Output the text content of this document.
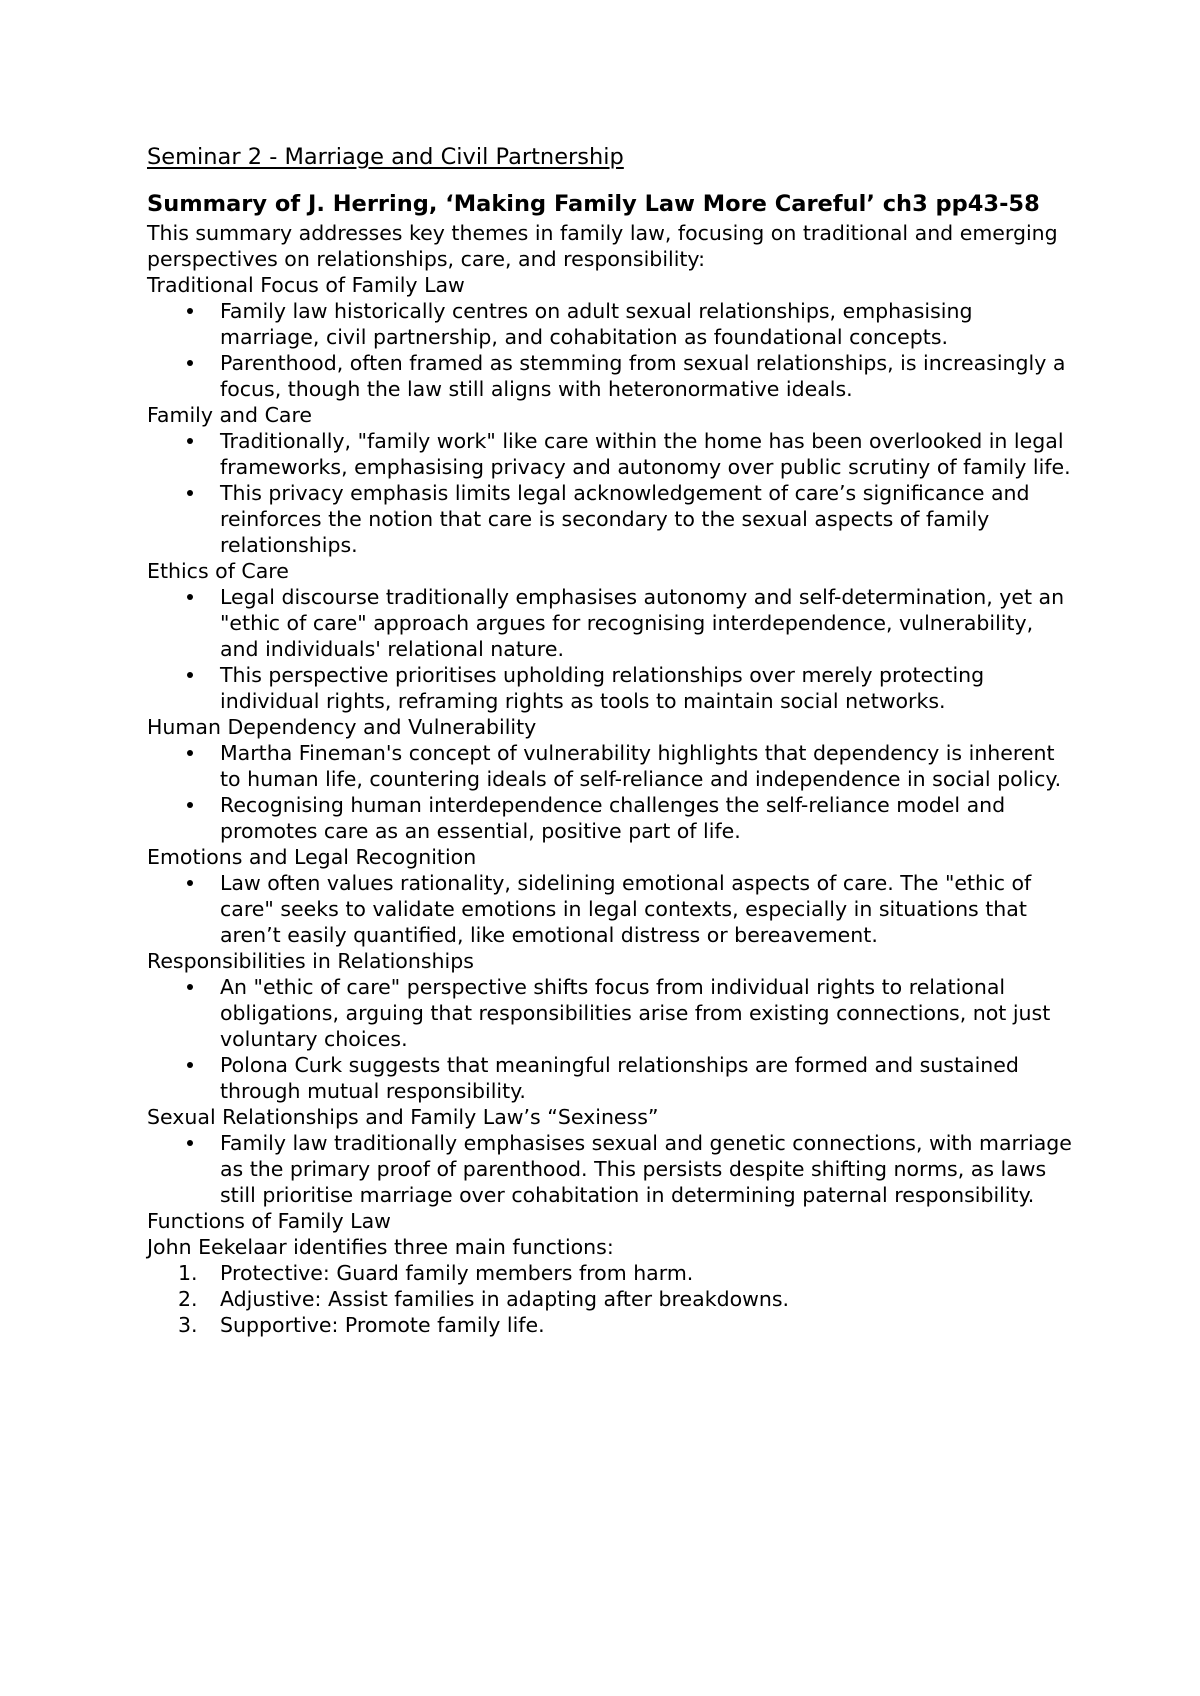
Seminar 2 - Marriage and Civil Partnership
Summary of J. Herring, ‘Making Family Law More Careful’ ch3 pp43-58

This summary addresses key themes in family law, focusing on traditional and emerging perspectives on relationships, care, and responsibility:

Traditional Focus of Family Law
Family law historically centres on adult sexual relationships, emphasising marriage, civil partnership, and cohabitation as foundational concepts.
Parenthood, often framed as stemming from sexual relationships, is increasingly a focus, though the law still aligns with heteronormative ideals.
Family and Care
Traditionally, "family work" like care within the home has been overlooked in legal frameworks, emphasising privacy and autonomy over public scrutiny of family life.
This privacy emphasis limits legal acknowledgement of care’s significance and reinforces the notion that care is secondary to the sexual aspects of family relationships.
Ethics of Care
Legal discourse traditionally emphasises autonomy and self-determination, yet an "ethic of care" approach argues for recognising interdependence, vulnerability, and individuals' relational nature.
This perspective prioritises upholding relationships over merely protecting individual rights, reframing rights as tools to maintain social networks.
Human Dependency and Vulnerability
Martha Fineman's concept of vulnerability highlights that dependency is inherent to human life, countering ideals of self-reliance and independence in social policy.
Recognising human interdependence challenges the self-reliance model and promotes care as an essential, positive part of life.
Emotions and Legal Recognition
Law often values rationality, sidelining emotional aspects of care. The "ethic of care" seeks to validate emotions in legal contexts, especially in situations that aren’t easily quantified, like emotional distress or bereavement.
Responsibilities in Relationships
An "ethic of care" perspective shifts focus from individual rights to relational obligations, arguing that responsibilities arise from existing connections, not just voluntary choices.
Polona Curk suggests that meaningful relationships are formed and sustained through mutual responsibility.
Sexual Relationships and Family Law’s “Sexiness”
Family law traditionally emphasises sexual and genetic connections, with marriage as the primary proof of parenthood. This persists despite shifting norms, as laws still prioritise marriage over cohabitation in determining paternal responsibility.
Functions of Family Law
John Eekelaar identifies three main functions:
1. Protective: Guard family members from harm.
2. Adjustive: Assist families in adapting after breakdowns.
3. Supportive: Promote family life.
